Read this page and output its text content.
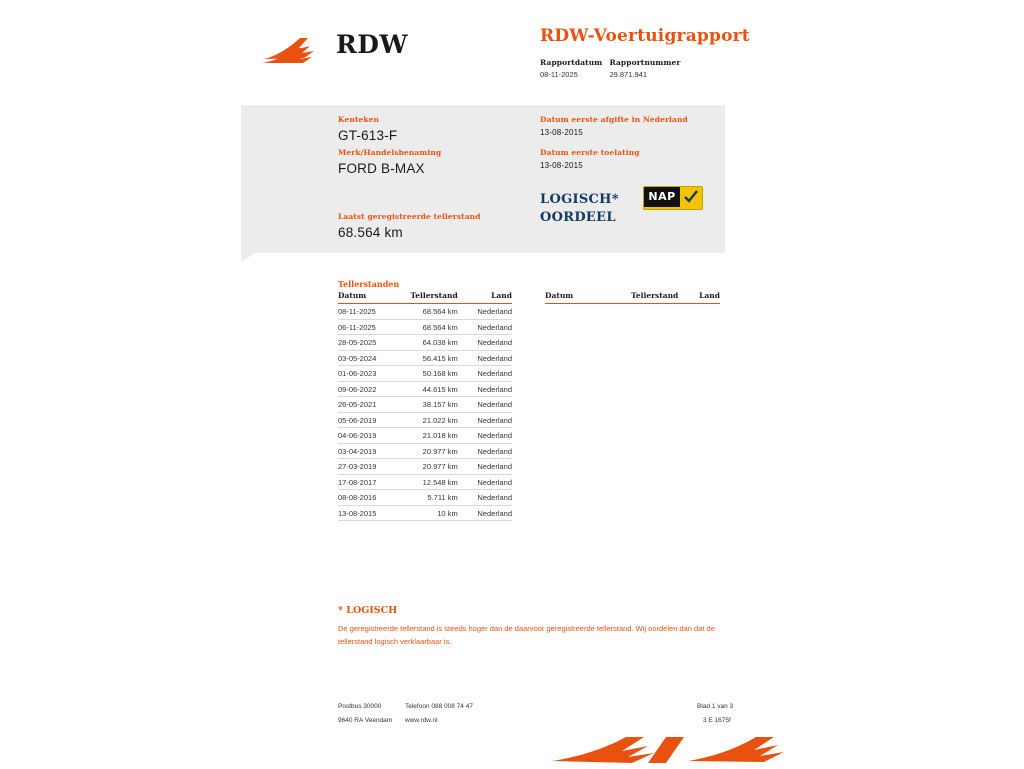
RDW	RDW-Voertuigrapport
Rapportdatum
08-11-2025

Rapportnummer
29.871.941
Kenteken
GT-613-F
Merk/Handelsbenaming
FORD B-MAX
Laatst geregistreerde tellerstand
68.564 km
Datum eerste afgifte in Nederland
13-08-2015
Datum eerste toelating
13-08-2015
LOGISCH*
OORDEEL
NAP
Tellerstanden
Datum	Tellerstand	Land
08-11-2025	68.564 km	Nederland
06-11-2025	68.564 km	Nederland
28-05-2025	64.038 km	Nederland
03-05-2024	56.415 km	Nederland
01-06-2023	50.168 km	Nederland
09-06-2022	44.615 km	Nederland
26-05-2021	38.157 km	Nederland
05-06-2019	21.022 km	Nederland
04-06-2019	21.018 km	Nederland
03-04-2019	20.977 km	Nederland
27-03-2019	20.977 km	Nederland
17-08-2017	12.548 km	Nederland
08-08-2016	5.711 km	Nederland
13-08-2015	10 km	Nederland
Datum	Tellerstand	Land
* LOGISCH
De geregistreerde tellerstand is steeds hoger dan de daarvoor geregistreerde tellerstand. Wij oordelen dan dat de tellerstand logisch verklaarbaar is.
Postbus 30000
9640 RA Veendam
Telefoon 088 008 74 47
www.rdw.nl
Blad 1 van 3
3 E 1675f
